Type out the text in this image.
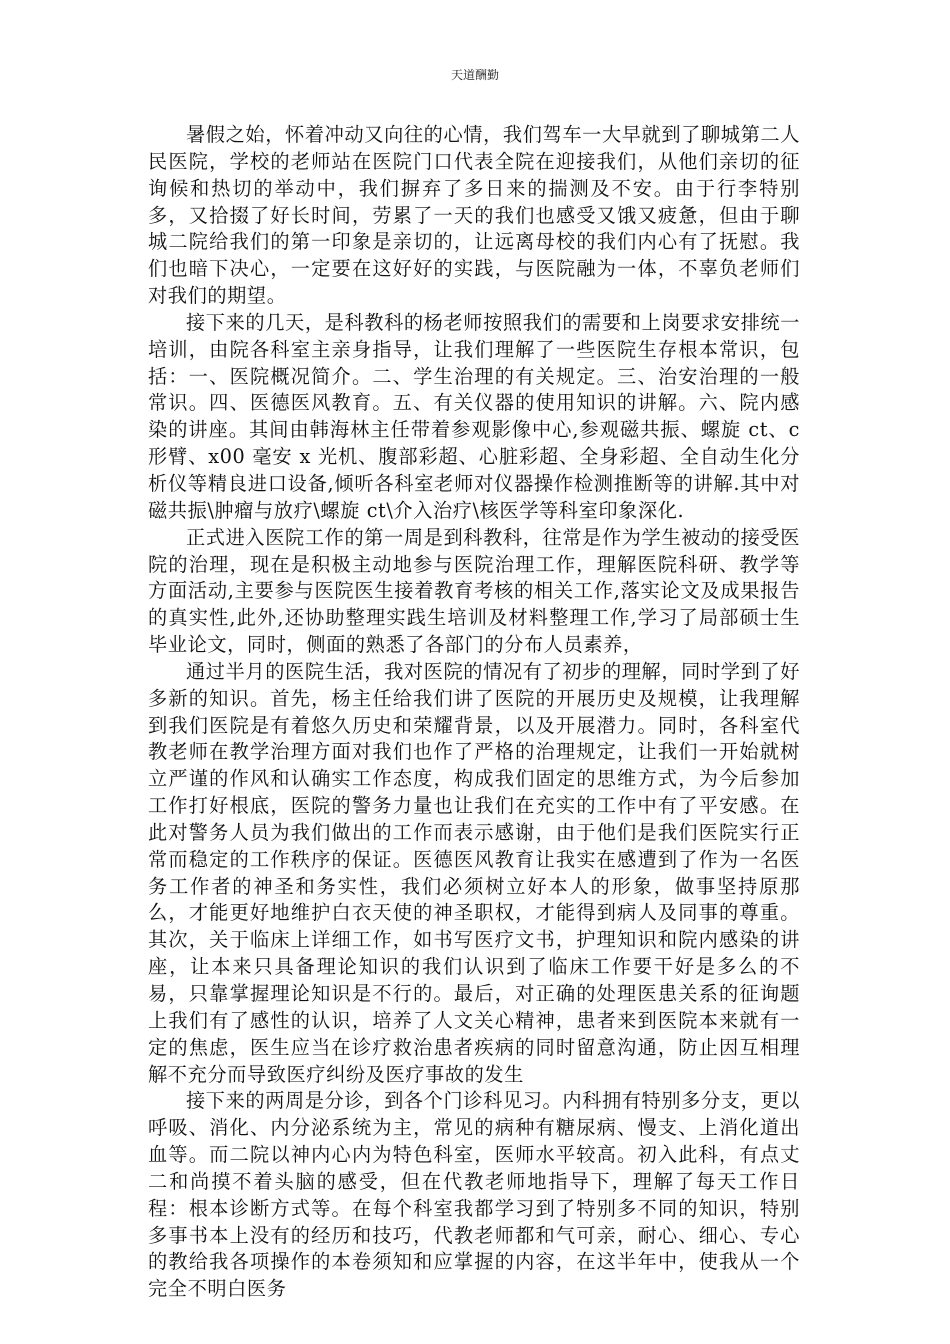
天道酬勤

暑假之始，怀着冲动又向往的心情，我们驾车一大早就到了聊城第二人民医院，学校的老师站在医院门口代表全院在迎接我们，从他们亲切的征询候和热切的举动中，我们摒弃了多日来的揣测及不安。由于行李特别多，又拾掇了好长时间，劳累了一天的我们也感受又饿又疲惫，但由于聊城二院给我们的第一印象是亲切的，让远离母校的我们内心有了抚慰。我们也暗下决心，一定要在这好好的实践，与医院融为一体，不辜负老师们对我们的期望。

接下来的几天，是科教科的杨老师按照我们的需要和上岗要求安排统一培训，由院各科室主亲身指导，让我们理解了一些医院生存根本常识，包括：一、医院概况简介。二、学生治理的有关规定。三、治安治理的一般常识。四、医德医风教育。五、有关仪器的使用知识的讲解。六、院内感染的讲座。其间由韩海林主任带着参观影像中心,参观磁共振、螺旋 ct、c 形臂、x00 毫安 x 光机、腹部彩超、心脏彩超、全身彩超、全自动生化分析仪等精良进口设备,倾听各科室老师对仪器操作检测推断等的讲解.其中对磁共振\肿瘤与放疗\螺旋 ct\介入治疗\核医学等科室印象深化.

正式进入医院工作的第一周是到科教科，往常是作为学生被动的接受医院的治理，现在是积极主动地参与医院治理工作，理解医院科研、教学等方面活动,主要参与医院医生接着教育考核的相关工作,落实论文及成果报告的真实性,此外,还协助整理实践生培训及材料整理工作,学习了局部硕士生毕业论文，同时，侧面的熟悉了各部门的分布人员素养，

通过半月的医院生活，我对医院的情况有了初步的理解，同时学到了好多新的知识。首先，杨主任给我们讲了医院的开展历史及规模，让我理解到我们医院是有着悠久历史和荣耀背景，以及开展潜力。同时，各科室代教老师在教学治理方面对我们也作了严格的治理规定，让我们一开始就树立严谨的作风和认确实工作态度，构成我们固定的思维方式，为今后参加工作打好根底，医院的警务力量也让我们在充实的工作中有了平安感。在此对警务人员为我们做出的工作而表示感谢，由于他们是我们医院实行正常而稳定的工作秩序的保证。医德医风教育让我实在感遭到了作为一名医务工作者的神圣和务实性，我们必须树立好本人的形象，做事坚持原那么，才能更好地维护白衣天使的神圣职权，才能得到病人及同事的尊重。其次，关于临床上详细工作，如书写医疗文书，护理知识和院内感染的讲座，让本来只具备理论知识的我们认识到了临床工作要干好是多么的不易，只靠掌握理论知识是不行的。最后，对正确的处理医患关系的征询题上我们有了感性的认识，培养了人文关心精神，患者来到医院本来就有一定的焦虑，医生应当在诊疗救治患者疾病的同时留意沟通，防止因互相理解不充分而导致医疗纠纷及医疗事故的发生

接下来的两周是分诊，到各个门诊科见习。内科拥有特别多分支，更以呼吸、消化、内分泌系统为主，常见的病种有糖尿病、慢支、上消化道出血等。而二院以神内心内为特色科室，医师水平较高。初入此科，有点丈二和尚摸不着头脑的感受，但在代教老师地指导下，理解了每天工作日程：根本诊断方式等。在每个科室我都学习到了特别多不同的知识，特别多事书本上没有的经历和技巧，代教老师都和气可亲，耐心、细心、专心的教给我各项操作的本卷须知和应掌握的内容，在这半年中，使我从一个完全不明白医务
